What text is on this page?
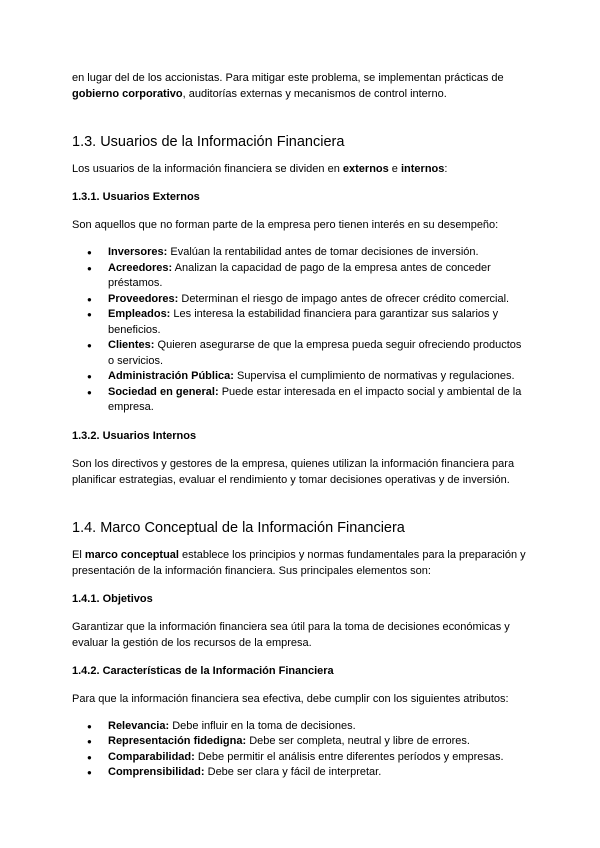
en lugar del de los accionistas. Para mitigar este problema, se implementan prácticas de
gobierno corporativo, auditorías externas y mecanismos de control interno.

1.3. Usuarios de la Información Financiera

Los usuarios de la información financiera se dividen en externos e internos:

1.3.1. Usuarios Externos

Son aquellos que no forman parte de la empresa pero tienen interés en su desempeño:

● Inversores: Evalúan la rentabilidad antes de tomar decisiones de inversión.
● Acreedores: Analizan la capacidad de pago de la empresa antes de conceder préstamos.
● Proveedores: Determinan el riesgo de impago antes de ofrecer crédito comercial.
● Empleados: Les interesa la estabilidad financiera para garantizar sus salarios y beneficios.
● Clientes: Quieren asegurarse de que la empresa pueda seguir ofreciendo productos o servicios.
● Administración Pública: Supervisa el cumplimiento de normativas y regulaciones.
● Sociedad en general: Puede estar interesada en el impacto social y ambiental de la empresa.
1.3.2. Usuarios Internos

Son los directivos y gestores de la empresa, quienes utilizan la información financiera para planificar estrategias, evaluar el rendimiento y tomar decisiones operativas y de inversión.

1.4. Marco Conceptual de la Información Financiera

El marco conceptual establece los principios y normas fundamentales para la preparación y presentación de la información financiera. Sus principales elementos son:

1.4.1. Objetivos

Garantizar que la información financiera sea útil para la toma de decisiones económicas y evaluar la gestión de los recursos de la empresa.

1.4.2. Características de la Información Financiera

Para que la información financiera sea efectiva, debe cumplir con los siguientes atributos:

● Relevancia: Debe influir en la toma de decisiones.
● Representación fidedigna: Debe ser completa, neutral y libre de errores.
● Comparabilidad: Debe permitir el análisis entre diferentes períodos y empresas.
● Comprensibilidad: Debe ser clara y fácil de interpretar.
